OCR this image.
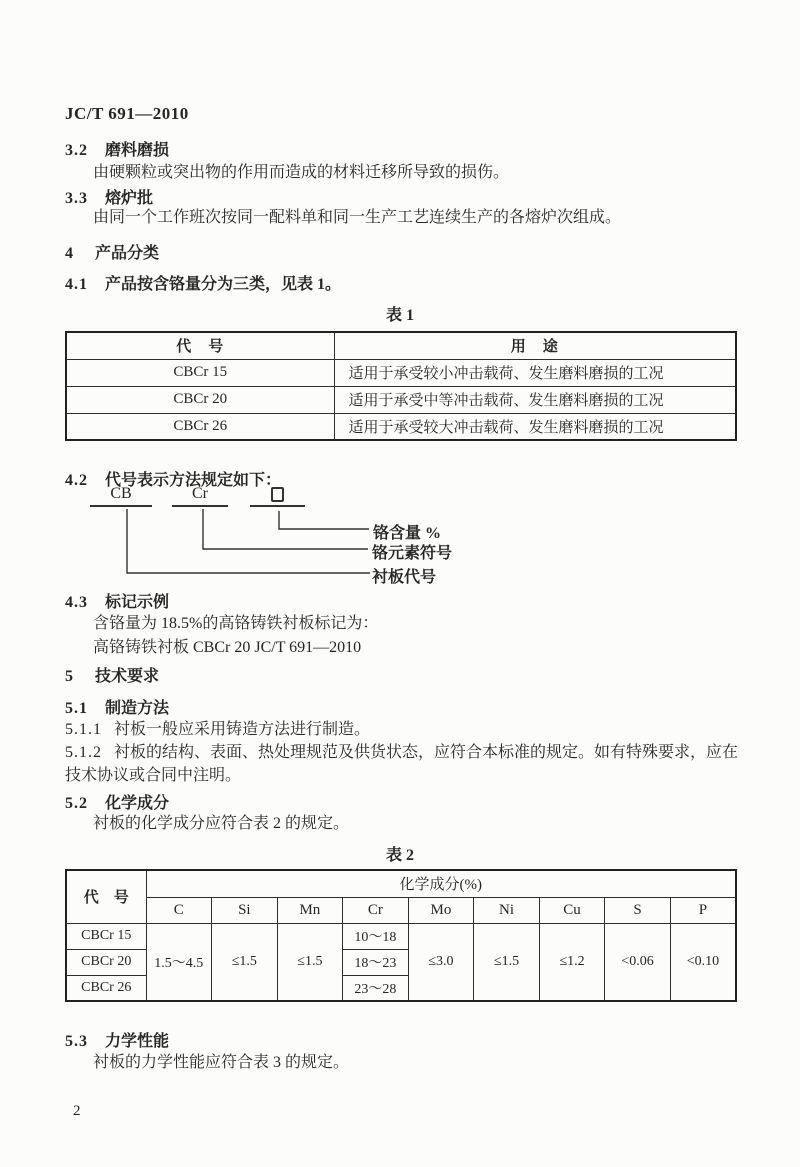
JC/T 691—2010
3.2 磨料磨损
由硬颗粒或突出物的作用而造成的材料迁移所导致的损伤。
3.3 熔炉批
由同一个工作班次按同一配料单和同一生产工艺连续生产的各熔炉次组成。
4 产品分类
4.1 产品按含铬量分为三类，见表 1。
表 1
代　号	用　途
CBCr 15	适用于承受较小冲击载荷、发生磨料磨损的工况
CBCr 20	适用于承受中等冲击载荷、发生磨料磨损的工况
CBCr 26	适用于承受较大冲击载荷、发生磨料磨损的工况
4.2 代号表示方法规定如下：
CB	Cr
铬含量 %
铬元素符号
衬板代号
4.3 标记示例
含铬量为 18.5%的高铬铸铁衬板标记为：
高铬铸铁衬板 CBCr 20 JC/T 691—2010
5 技术要求
5.1 制造方法
5.1.1 衬板一般应采用铸造方法进行制造。
5.1.2 衬板的结构、表面、热处理规范及供货状态，应符合本标准的规定。如有特殊要求，应在技术协议或合同中注明。
5.2 化学成分
衬板的化学成分应符合表 2 的规定。
表 2
代　号	化学成分(%)								
	C	Si	Mn	Cr	Mo	Ni	Cu	S	P
CBCr 15	1.5～4.5	≤1.5	≤1.5	10～18	≤3.0	≤1.5	≤1.2	<0.06	<0.10
CBCr 20				18～23					
CBCr 26				23～28					
5.3 力学性能
衬板的力学性能应符合表 3 的规定。
2
